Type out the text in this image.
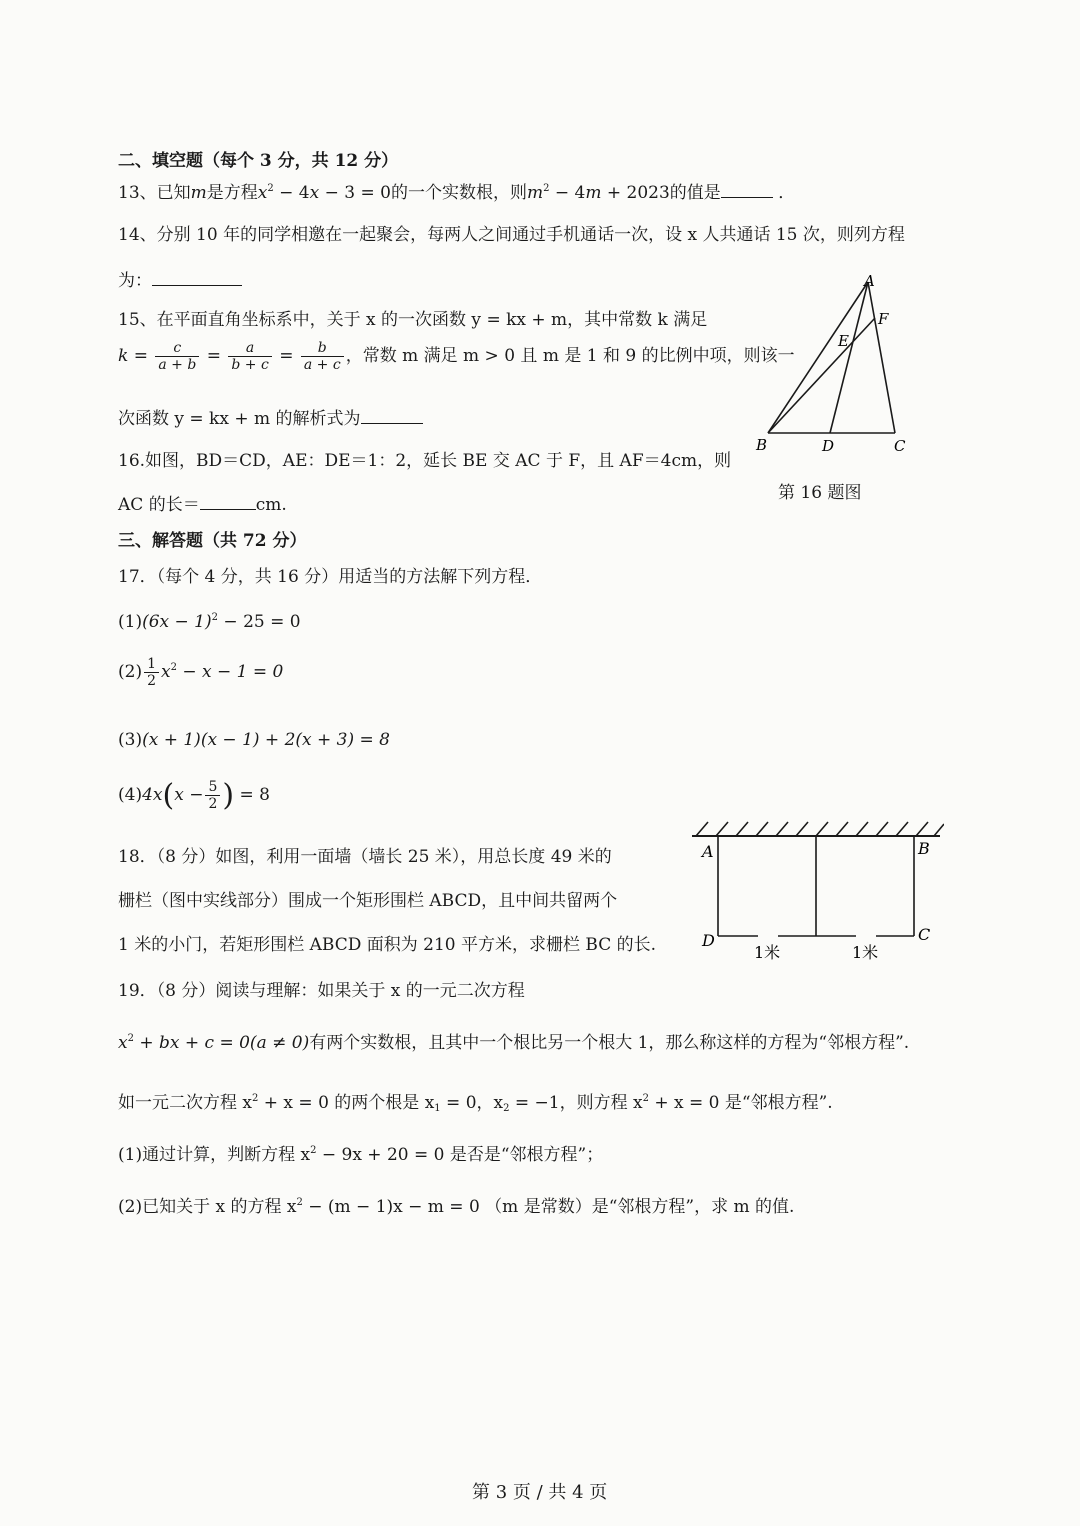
二、填空题（每个 3 分，共 12 分）
13、已知m是方程$x^2 - 4x - 3 = 0$的一个实数根，则$m^2 - 4m + 2023$的值是	．
14、分别 10 年的同学相邀在一起聚会，每两人之间通过手机通话一次，设 x 人共通话 15 次，则列方程
为：
15、在平面直角坐标系中，关于 x 的一次函数 y = kx + m，其中常数 k 满足
$k = \frac{c}{a + b} = \frac{a}{b + c} = \frac{b}{a + c}$ ，常数 m 满足 m > 0 且 m 是 1 和 9 的比例中项，则该一
次函数 y = kx + m 的解析式为
16.如图，BD＝CD，AE：DE＝1：2，延长 BE 交 AC 于 F，且 AF＝4cm，则
AC 的长＝	cm.
A
F
E
B	D	C
第 16 题图
三、解答题（共 72 分）
17．（每个 4 分，共 16 分）用适当的方法解下列方程．
$(1)(6x - 1)^2 - 25 = 0$
$(2) \frac{1}{2} x^2 - x - 1 = 0$
(3)(x + 1)(x − 1) + 2(x + 3) = 8
$(4)4x(x - \frac{5}{2}$ ) = 8
18．（8 分）如图，利用一面墙（墙长 25 米），用总长度 49 米的
栅栏（图中实线部分）围成一个矩形围栏 ABCD，且中间共留两个
1 米的小门，若矩形围栏 ABCD 面积为 210 平方米，求栅栏 BC 的长.
A	B
D	C
1米	1米
19．（8 分）阅读与理解：如果关于 x 的一元二次方程
$x^2$ + bx + c = 0(a ≠ 0)有两个实数根，且其中一个根比另一个根大 1，那么称这样的方程为“邻根方程”.
如一元二次方程 $x^2 + x = 0$ 的两个根是 $x_1 = 0$，$x_2 = -1$，则方程 $x^2 + x = 0$ 是“邻根方程”.
(1)通过计算，判断方程 $x^2 - 9x + 20 = 0$ 是否是“邻根方程”；
(2)已知关于 x 的方程 $x^2 - (m - 1)x - m = 0$ （m 是常数）是“邻根方程”，求 m 的值.
第 3 页 / 共 4 页
